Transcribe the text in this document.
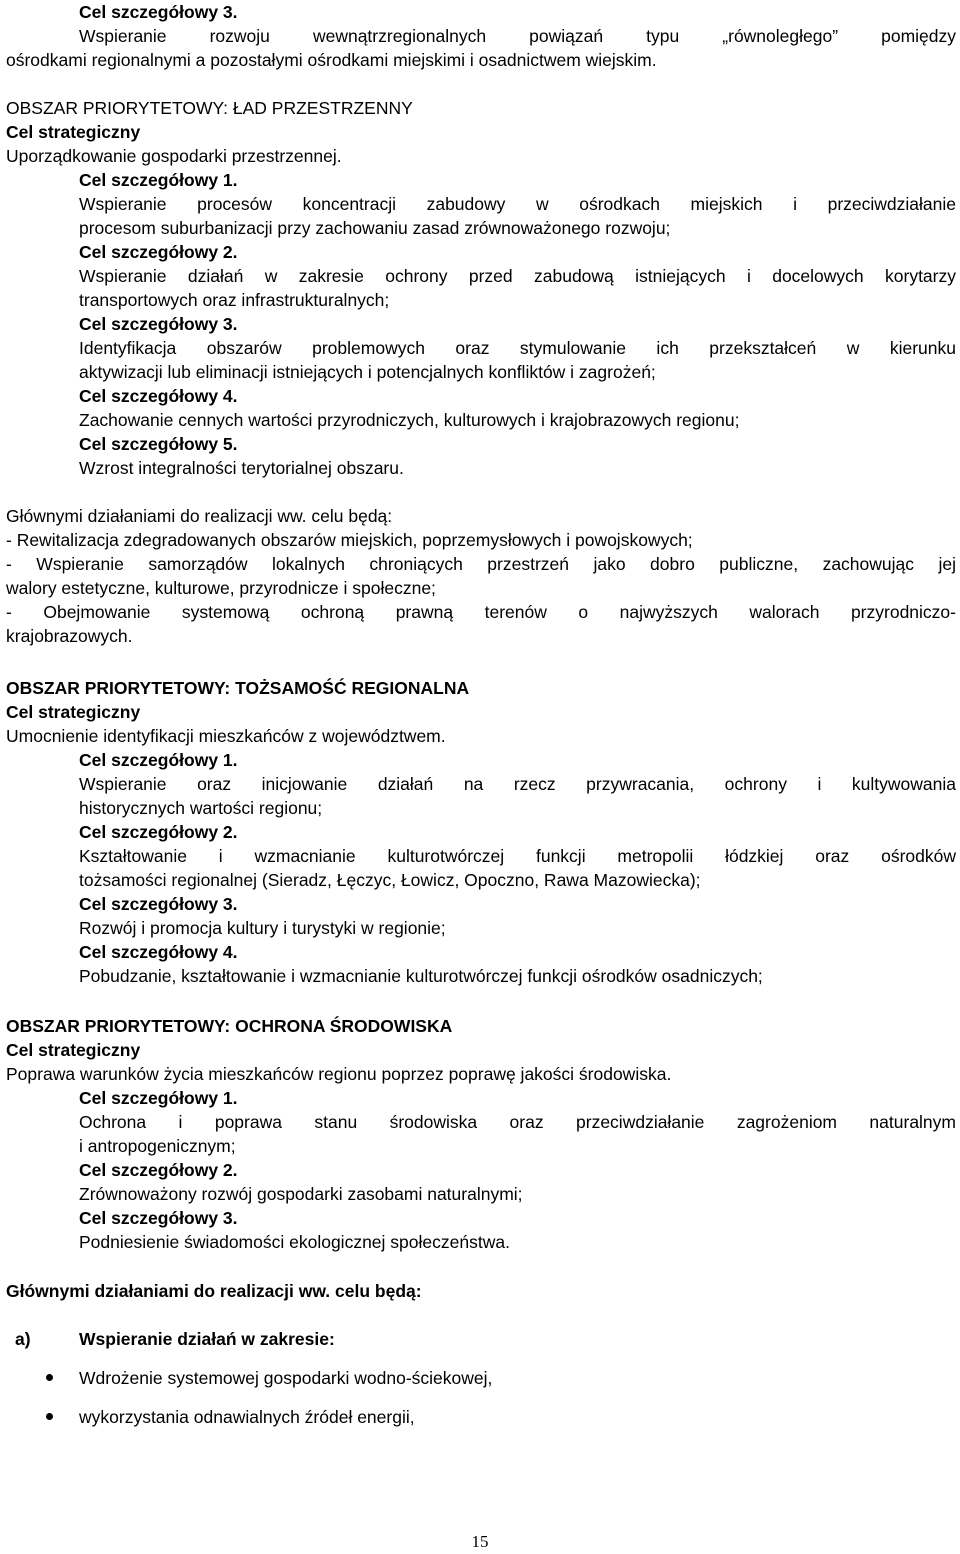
Cel szczegółowy 3.
Wspieranie rozwoju wewnątrzregionalnych powiązań typu „równoległego” pomiędzy
ośrodkami regionalnymi a pozostałymi ośrodkami miejskimi i osadnictwem wiejskim.
OBSZAR PRIORYTETOWY: ŁAD PRZESTRZENNY
Cel strategiczny
Uporządkowanie gospodarki przestrzennej.
Cel szczegółowy 1.
Wspieranie procesów koncentracji zabudowy w ośrodkach miejskich i przeciwdziałanie
procesom suburbanizacji przy zachowaniu zasad zrównoważonego rozwoju;
Cel szczegółowy 2.
Wspieranie działań w zakresie ochrony przed zabudową istniejących i docelowych korytarzy
transportowych oraz infrastrukturalnych;
Cel szczegółowy 3.
Identyfikacja obszarów problemowych oraz stymulowanie ich przekształceń w kierunku
aktywizacji lub eliminacji istniejących i potencjalnych konfliktów i zagrożeń;
Cel szczegółowy 4.
Zachowanie cennych wartości przyrodniczych, kulturowych i krajobrazowych regionu;
Cel szczegółowy 5.
Wzrost integralności terytorialnej obszaru.
Głównymi działaniami do realizacji ww. celu będą:
- Rewitalizacja zdegradowanych obszarów miejskich, poprzemysłowych i powojskowych;
- Wspieranie samorządów lokalnych chroniących przestrzeń jako dobro publiczne, zachowując jej
walory estetyczne, kulturowe, przyrodnicze i społeczne;
- Obejmowanie systemową ochroną prawną terenów o najwyższych walorach przyrodniczo-
krajobrazowych.
OBSZAR PRIORYTETOWY: TOŻSAMOŚĆ REGIONALNA
Cel strategiczny
Umocnienie identyfikacji mieszkańców z województwem.
Cel szczegółowy 1.
Wspieranie oraz inicjowanie działań na rzecz przywracania, ochrony i kultywowania
historycznych wartości regionu;
Cel szczegółowy 2.
Kształtowanie i wzmacnianie kulturotwórczej funkcji metropolii łódzkiej oraz ośrodków
tożsamości regionalnej (Sieradz, Łęczyc, Łowicz, Opoczno, Rawa Mazowiecka);
Cel szczegółowy 3.
Rozwój i promocja kultury i turystyki w regionie;
Cel szczegółowy 4.
Pobudzanie, kształtowanie i wzmacnianie kulturotwórczej funkcji ośrodków osadniczych;
OBSZAR PRIORYTETOWY: OCHRONA ŚRODOWISKA
Cel strategiczny
Poprawa warunków życia mieszkańców regionu poprzez poprawę jakości środowiska.
Cel szczegółowy 1.
Ochrona i poprawa stanu środowiska oraz przeciwdziałanie zagrożeniom naturalnym
i antropogenicznym;
Cel szczegółowy 2.
Zrównoważony rozwój gospodarki zasobami naturalnymi;
Cel szczegółowy 3.
Podniesienie świadomości ekologicznej społeczeństwa.
Głównymi działaniami do realizacji ww. celu będą:
a)	Wspieranie działań w zakresie:
Wdrożenie systemowej gospodarki wodno-ściekowej,
wykorzystania odnawialnych źródeł energii,
15
